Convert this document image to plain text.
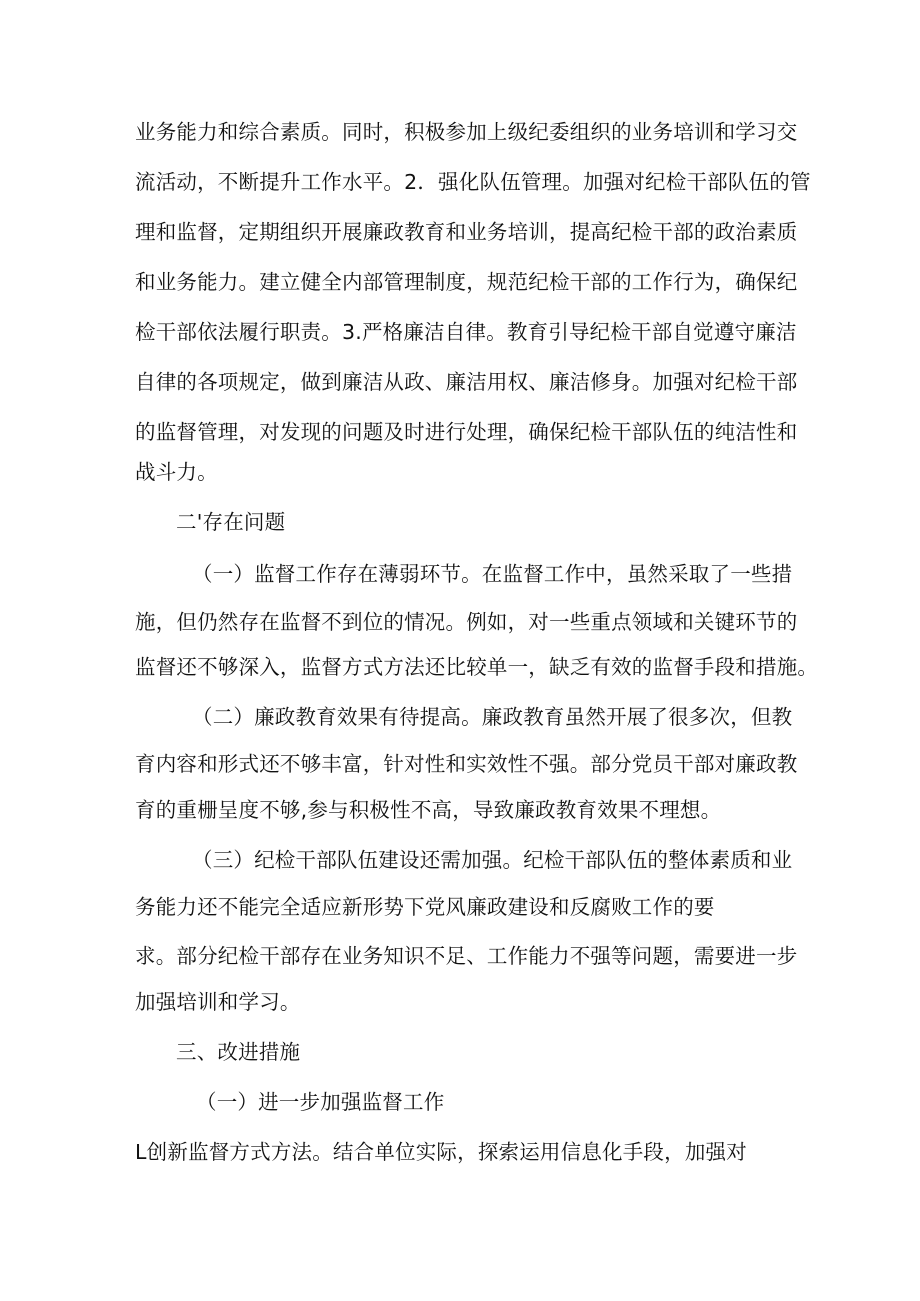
业务能力和综合素质。同时，积极参加上级纪委组织的业务培训和学习交
流活动，不断提升工作水平。2．强化队伍管理。加强对纪检干部队伍的管
理和监督，定期组织开展廉政教育和业务培训，提高纪检干部的政治素质
和业务能力。建立健全内部管理制度，规范纪检干部的工作行为，确保纪
检干部依法履行职责。3.严格廉洁自律。教育引导纪检干部自觉遵守廉洁
自律的各项规定，做到廉洁从政、廉洁用权、廉洁修身。加强对纪检干部
的监督管理，对发现的问题及时进行处理，确保纪检干部队伍的纯洁性和
战斗力。
二'存在问题
（一）监督工作存在薄弱环节。在监督工作中，虽然采取了一些措
施，但仍然存在监督不到位的情况。例如，对一些重点领域和关键环节的
监督还不够深入，监督方式方法还比较单一，缺乏有效的监督手段和措施。
（二）廉政教育效果有待提高。廉政教育虽然开展了很多次，但教
育内容和形式还不够丰富，针对性和实效性不强。部分党员干部对廉政教
育的重栅呈度不够,参与积极性不高，导致廉政教育效果不理想。
（三）纪检干部队伍建设还需加强。纪检干部队伍的整体素质和业
务能力还不能完全适应新形势下党风廉政建设和反腐败工作的要
求。部分纪检干部存在业务知识不足、工作能力不强等问题，需要进一步
加强培训和学习。
三、改进措施
（一）进一步加强监督工作
L创新监督方式方法。结合单位实际，探索运用信息化手段，加强对
